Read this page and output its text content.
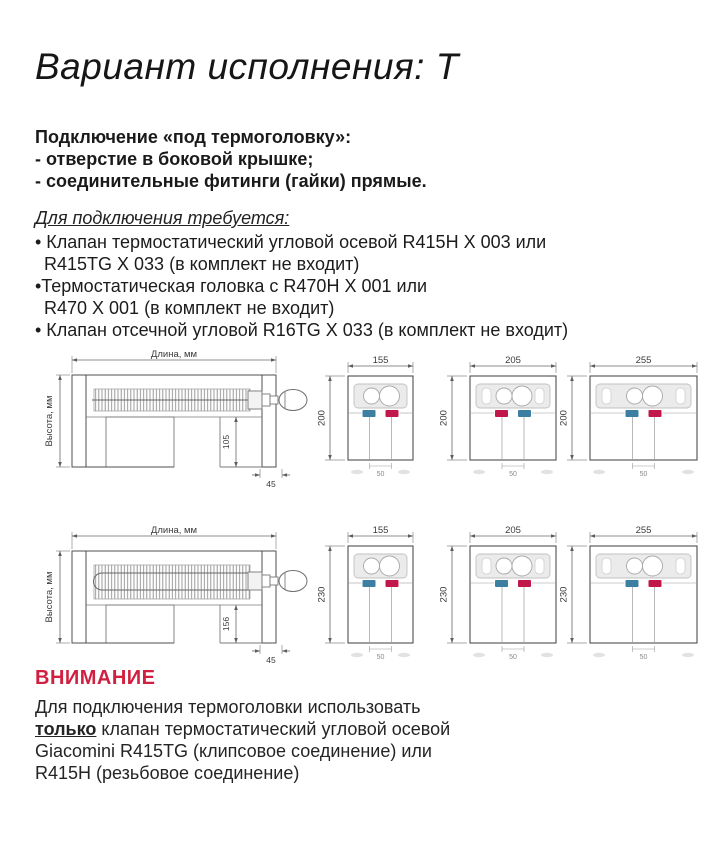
Вариант исполнения: Т
Подключение «под термоголовку»:
- отверстие в боковой крышке;
- соединительные фитинги (гайки) прямые.
Для подключения требуется:
• Клапан термостатический угловой осевой R415H X 003 или
R415TG X 033 (в комплект не входит)
•Термостатическая головка с R470H X 001 или
R470 X 001 (в комплект не входит)
• Клапан отсечной угловой R16TG X 033 (в комплект не входит)
Длина, мм
Высота, мм	105
45
155
200
50
205
200
50
255
200
50
Длина, мм
Высота, мм
156
45
155
230
50
205
230
50
255
230
50
ВНИМАНИЕ

Для подключения термоголовки использовать
только клапан термостатический угловой осевой
Giacomini R415TG (клипсовое соединение) или
R415H (резьбовое соединение)
